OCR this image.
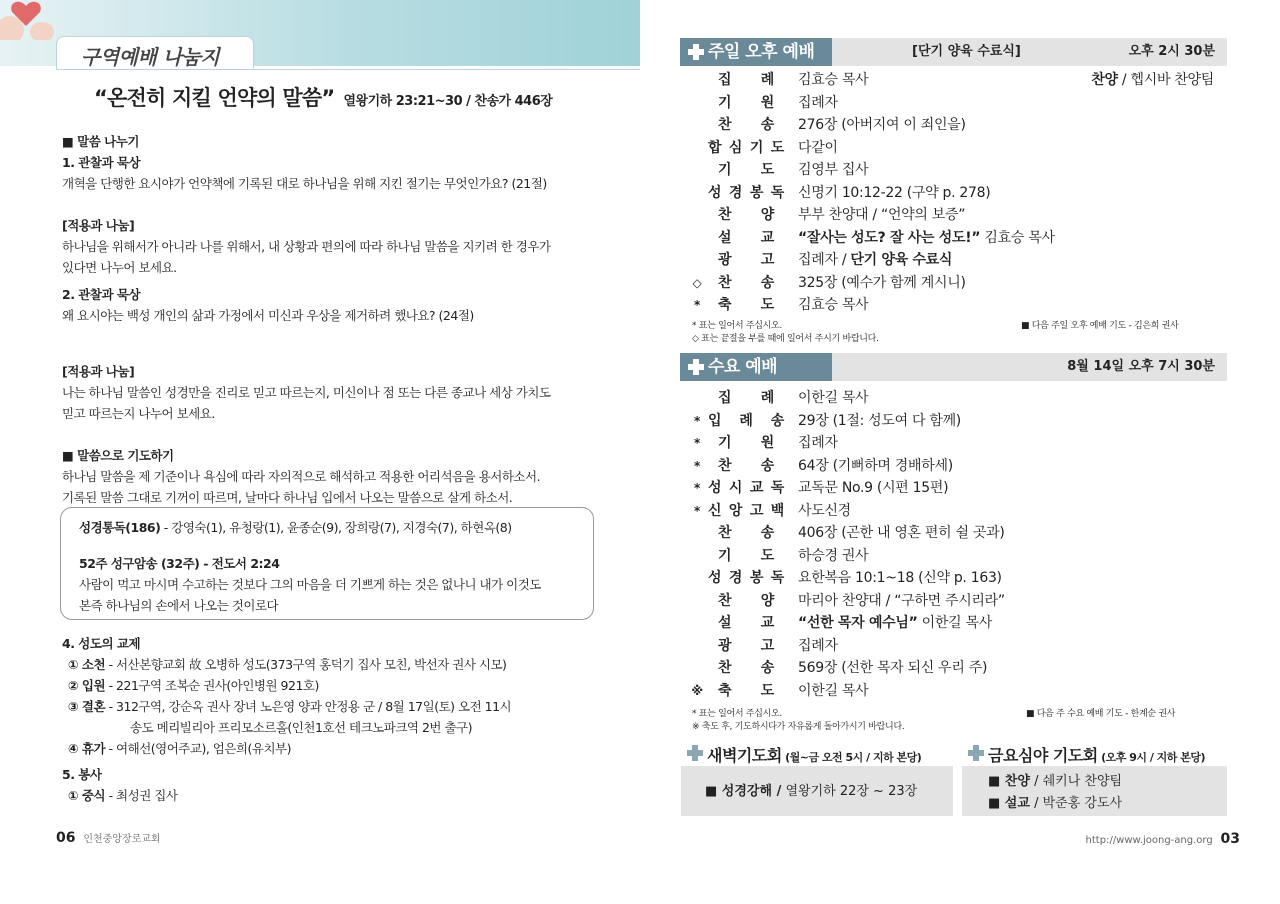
구역예배 나눔지
“온전히 지킬 언약의 말씀” 열왕기하 23:21~30 / 찬송가 446장

■ 말씀 나누기

1. 관찰과 묵상

개혁을 단행한 요시야가 언약책에 기록된 대로 하나님을 위해 지킨 절기는 무엇인가요? (21절)

[적용과 나눔]

하나님을 위해서가 아니라 나를 위해서, 내 상황과 편의에 따라 하나님 말씀을 지키려 한 경우가

있다면 나누어 보세요.

2. 관찰과 묵상

왜 요시야는 백성 개인의 삶과 가정에서 미신과 우상을 제거하려 했나요? (24절)

[적용과 나눔]

나는 하나님 말씀인 성경만을 진리로 믿고 따르는지, 미신이나 점 또는 다른 종교나 세상 가치도

믿고 따르는지 나누어 보세요.

■ 말씀으로 기도하기

하나님 말씀을 제 기준이나 욕심에 따라 자의적으로 해석하고 적용한 어리석음을 용서하소서.

기록된 말씀 그대로 기꺼이 따르며, 날마다 하나님 입에서 나오는 말씀으로 살게 하소서.

성경통독(186) - 강영숙(1), 유청랑(1), 윤종순(9), 장희랑(7), 지경숙(7), 하현옥(8)
52주 성구암송 (32주) - 전도서 2:24
사람이 먹고 마시며 수고하는 것보다 그의 마음을 더 기쁘게 하는 것은 없나니 내가 이것도
본즉 하나님의 손에서 나오는 것이로다

4. 성도의 교제

① 소천 - 서산본향교회 故 오병하 성도(373구역 홍덕기 집사 모친, 박선자 권사 시모)

② 입원 - 221구역 조복순 권사(아인병원 921호)

③ 결혼 - 312구역, 강순옥 권사 장녀 노은영 양과 안정용 군 / 8월 17일(토) 오전 11시

송도 메리빌리아 프리모소르홀(인천1호선 테크노파크역 2번 출구)

④ 휴가 - 여해선(영어주교), 엄은희(유치부)

5. 봉사

① 중식 - 최성권 집사

06 인천중앙장로교회
주일 오후 예배	[단기 양육 수료식]	오후 2시 30분
집 례 김효승 목사	찬양 / 헵시바 찬양팀
기 원 집례자
찬 송 276장 (아버지여 이 죄인을)
합 심 기 도 다같이
기 도 김영부 집사
성 경 봉 독 신명기 10:12-22 (구약 p. 278)
찬 양 부부 찬양대 / “언약의 보증”
설 교 “잘사는 성도? 잘 사는 성도!” 김효승 목사
광 고 집례자 / 단기 양육 수료식
◇ 찬 송 325장 (예수가 함께 계시니)
* 축 도 김효승 목사
* 표는 일어서 주십시오.
◇ 표는 끝절을 부를 때에 일어서 주시기 바랍니다.
■ 다음 주일 오후 예배 기도 - 김은희 권사
수요 예배	8월 14일 오후 7시 30분
집 례 이한길 목사
* 입 례 송 29장 (1절: 성도여 다 함께)
* 기 원 집례자
* 찬 송 64장 (기뻐하며 경배하세)
* 성 시 교 독 교독문 No.9 (시편 15편)
* 신 앙 고 백 사도신경
찬 송 406장 (곤한 내 영혼 편히 쉴 곳과)
기 도 하승경 권사
성 경 봉 독 요한복음 10:1~18 (신약 p. 163)
찬 양 마리아 찬양대 / “구하면 주시리라”
설 교 “선한 목자 예수님” 이한길 목사
광 고 집례자
찬 송 569장 (선한 목자 되신 우리 주)
※ 축 도 이한길 목사
* 표는 일어서 주십시오.
※ 축도 후, 기도하시다가 자유롭게 돌아가시기 바랍니다.
■ 다음 주 수요 예배 기도 - 한계순 권사
새벽기도회 (월~금 오전 5시 / 지하 본당)
■ 성경강해 / 열왕기하 22장 ~ 23장
금요심야 기도회 (오후 9시 / 지하 본당)
■ 찬양 / 쉐키나 찬양팀
■ 설교 / 박준홍 강도사
http://www.joong-ang.org 03
